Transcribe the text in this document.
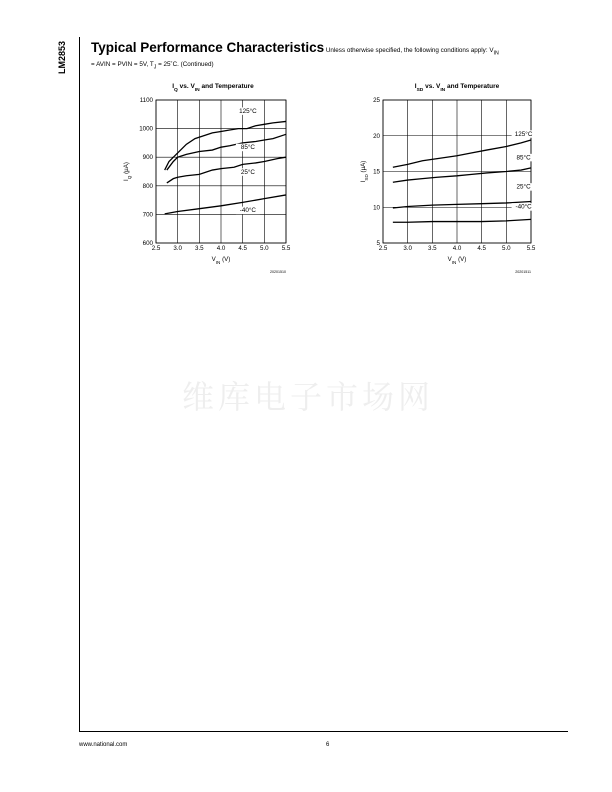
LM2853 Typical Performance Characteristics Unless otherwise specified, the following conditions apply: $V_{IN}$
= AVIN = PVIN = 5V, $T_J$ = 25˚C. (Continued)
$I_Q$ vs. $V_{IN}$ and Temperature
2.5 3.0 3.5 4.0 4.5 5.0 5.5
600
700
800
900
1000
1100
$V_{IN}$ (V)
$I_Q$ (µA)
125°C
85°C
25°C
-40°C
20201510
$I_{SD}$ vs. $V_{IN}$ and Temperature
2.5	3.0	3.5	4.0	4.5	5.0	5.5
5
10
15
20
25
$V_{IN}$ (V)
$I_{SD}$ (µA)
125°C
85°C
25°C
-40°C
20201511
维库电子市场网
www.national.com	6
